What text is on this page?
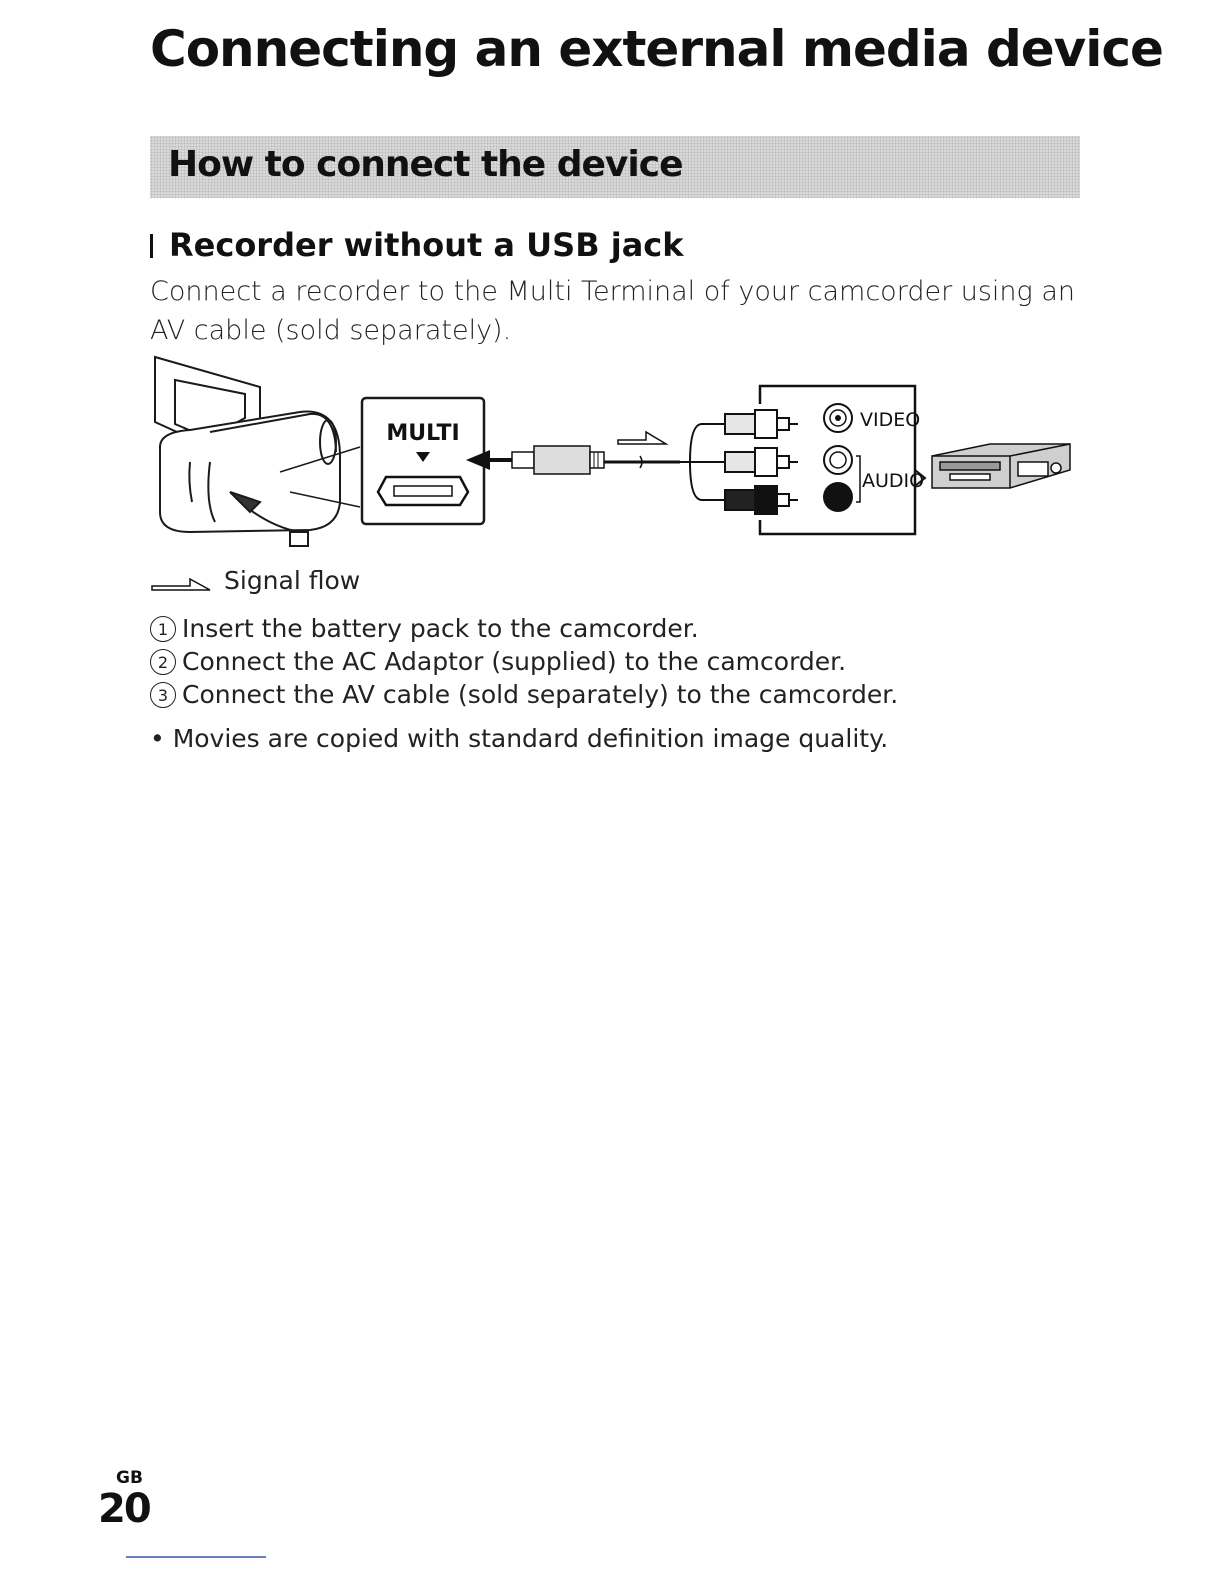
Connecting an external media device
How to connect the device
Recorder without a USB jack

Connect a recorder to the Multi Terminal of your camcorder using an AV cable (sold separately).

MULTI
VIDEO
AUDIO
Signal flow
1 Insert the battery pack to the camcorder.
2 Connect the AC Adaptor (supplied) to the camcorder.
3 Connect the AV cable (sold separately) to the camcorder.
• Movies are copied with standard definition image quality.
GB
20
